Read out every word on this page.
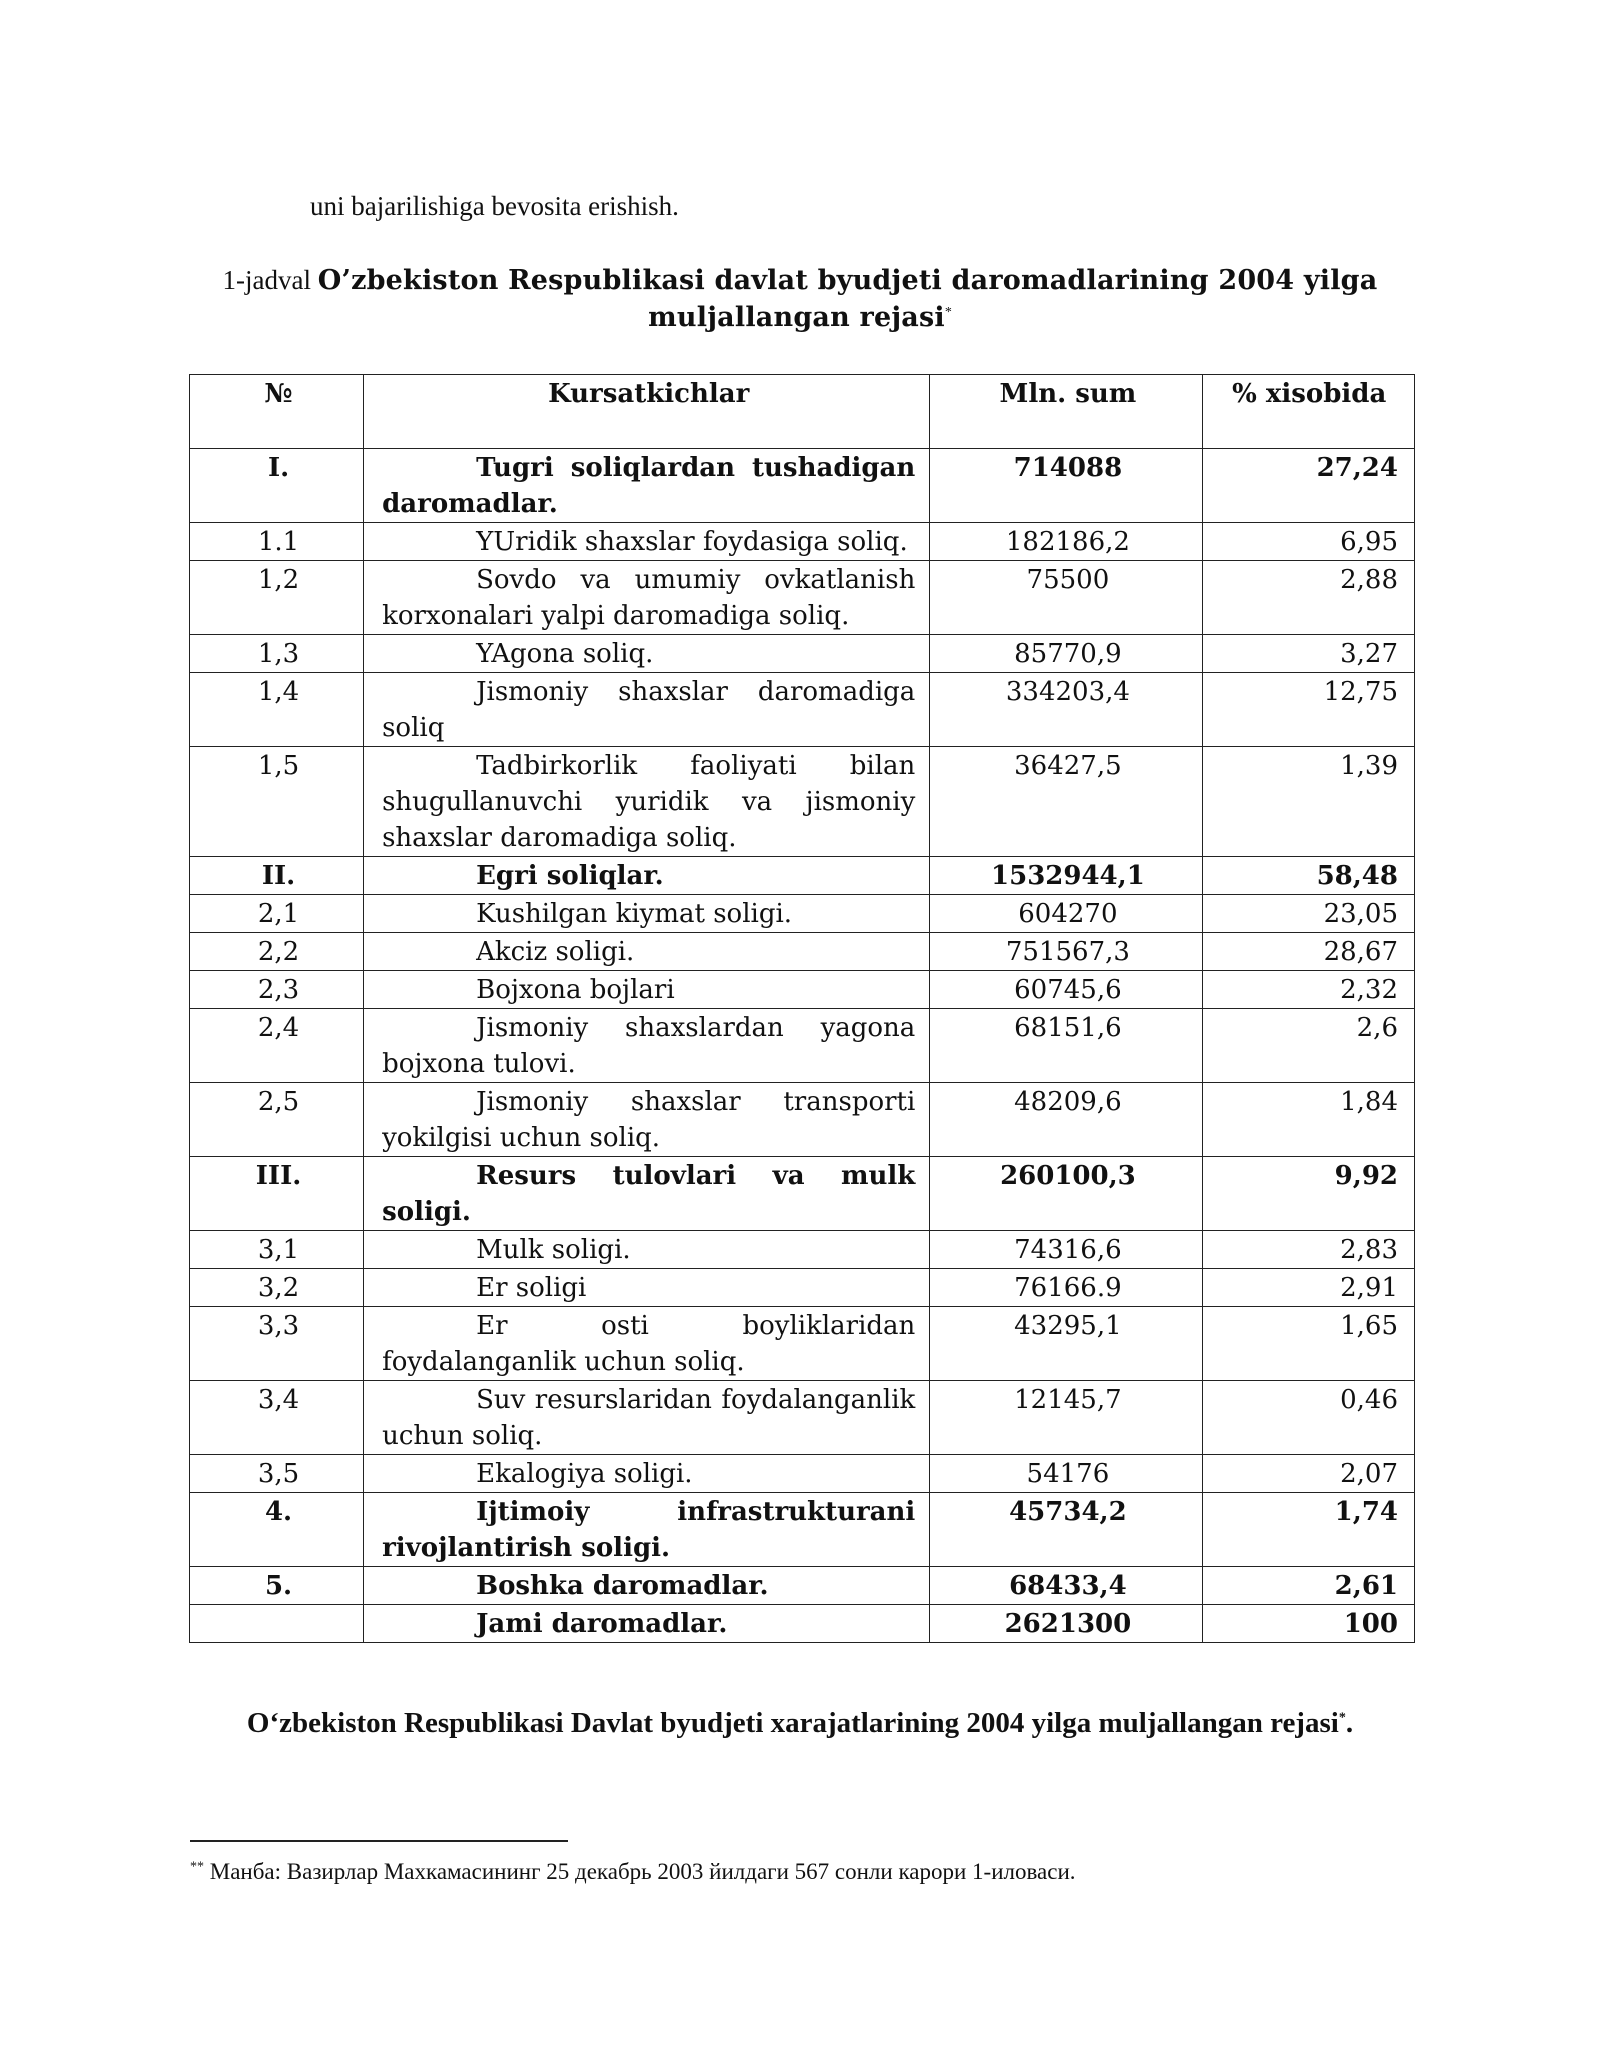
uni bajarilishiga bevosita erishish.
1-jadval O’zbekiston Respublikasi davlat byudjeti daromadlarining 2004 yilga muljallangan rejasi*
№	Kursatkichlar	Mln. sum	% xisobida
I.	Tugri soliqlardan tushadigan daromadlar.	714088	27,24
1.1	YUridik shaxslar foydasiga soliq.	182186,2	6,95
1,2	Sovdo va umumiy ovkatlanish korxonalari yalpi daromadiga soliq.	75500	2,88
1,3	YAgona soliq.	85770,9	3,27
1,4	Jismoniy shaxslar daromadiga soliq	334203,4	12,75
1,5	Tadbirkorlik faoliyati bilan shugullanuvchi yuridik va jismoniy shaxslar daromadiga soliq.	36427,5	1,39
II.	Egri soliqlar.	1532944,1	58,48
2,1	Kushilgan kiymat soligi.	604270	23,05
2,2	Akciz soligi.	751567,3	28,67
2,3	Bojxona bojlari	60745,6	2,32
2,4	Jismoniy shaxslardan yagona bojxona tulovi.	68151,6	2,6
2,5	Jismoniy shaxslar transporti yokilgisi uchun soliq.	48209,6	1,84
III.	Resurs tulovlari va mulk soligi.	260100,3	9,92
3,1	Mulk soligi.	74316,6	2,83
3,2	Er soligi	76166.9	2,91
3,3	Er osti boyliklaridan foydalanganlik uchun soliq.	43295,1	1,65
3,4	Suv resurslaridan foydalanganlik uchun soliq.	12145,7	0,46
3,5	Ekalogiya soligi.	54176	2,07
4.	Ijtimoiy infrastrukturani rivojlantirish soligi.	45734,2	1,74
5.	Boshka daromadlar.	68433,4	2,61
	Jami daromadlar.	2621300	100
O‘zbekiston Respublikasi Davlat byudjeti xarajatlarining 2004 yilga muljallangan rejasi*.
** Манба: Вазирлар Махкамасининг 25 декабрь 2003 йилдаги 567 сонли карори 1-иловаси.
